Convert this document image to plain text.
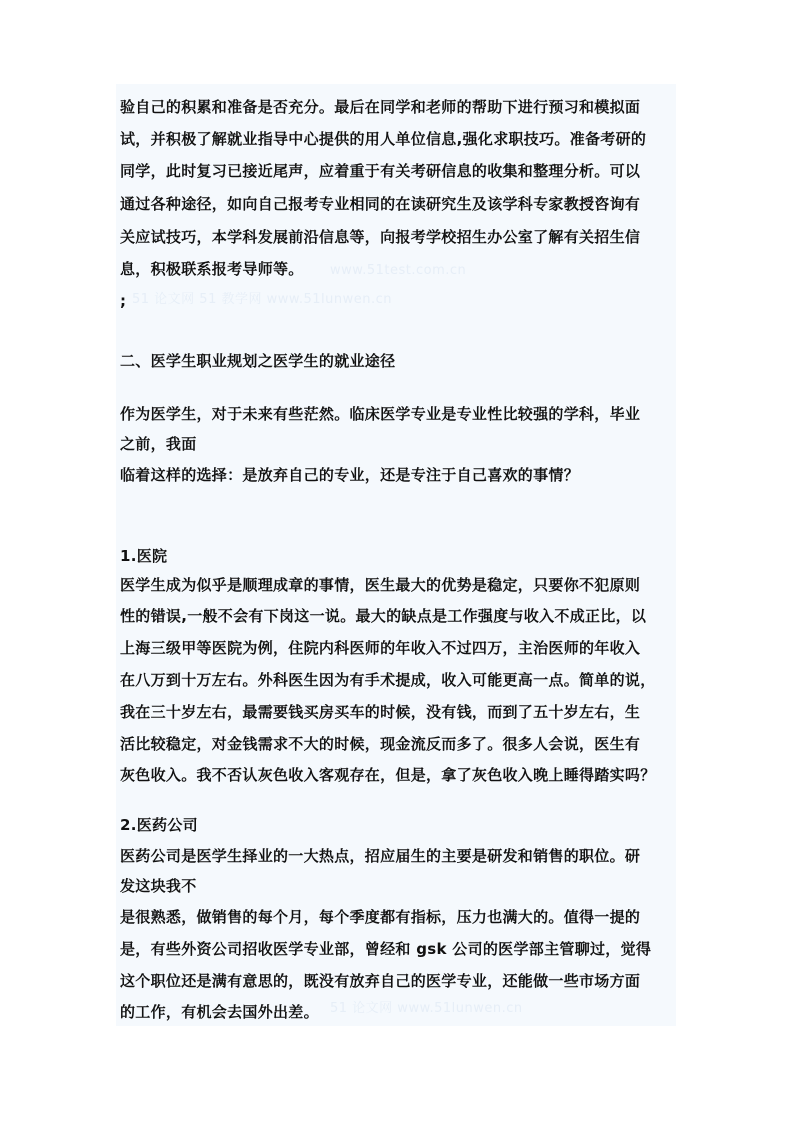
www.51test.com.cn
51 论文网 51 教学网 www.51lunwen.cn
51 论文网 www.51lunwen.cn
验自己的积累和准备是否充分。最后在同学和老师的帮助下进行预习和模拟面
试，并积极了解就业指导中心提供的用人单位信息,强化求职技巧。准备考研的
同学，此时复习已接近尾声，应着重于有关考研信息的收集和整理分析。可以
通过各种途径，如向自己报考专业相同的在读研究生及该学科专家教授咨询有
关应试技巧，本学科发展前沿信息等，向报考学校招生办公室了解有关招生信
息，积极联系报考导师等。
;
二、医学生职业规划之医学生的就业途径
作为医学生，对于未来有些茫然。临床医学专业是专业性比较强的学科，毕业
之前，我面
临着这样的选择：是放弃自己的专业，还是专注于自己喜欢的事情？
1.医院
医学生成为似乎是顺理成章的事情，医生最大的优势是稳定，只要你不犯原则
性的错误,一般不会有下岗这一说。最大的缺点是工作强度与收入不成正比，以
上海三级甲等医院为例，住院内科医师的年收入不过四万，主治医师的年收入
在八万到十万左右。外科医生因为有手术提成，收入可能更高一点。简单的说，
我在三十岁左右，最需要钱买房买车的时候，没有钱，而到了五十岁左右，生
活比较稳定，对金钱需求不大的时候，现金流反而多了。很多人会说，医生有
灰色收入。我不否认灰色收入客观存在，但是，拿了灰色收入晚上睡得踏实吗？
2.医药公司
医药公司是医学生择业的一大热点，招应届生的主要是研发和销售的职位。研
发这块我不
是很熟悉，做销售的每个月，每个季度都有指标，压力也满大的。值得一提的
是，有些外资公司招收医学专业部，曾经和 gsk 公司的医学部主管聊过，觉得
这个职位还是满有意思的，既没有放弃自己的医学专业，还能做一些市场方面
的工作，有机会去国外出差。
